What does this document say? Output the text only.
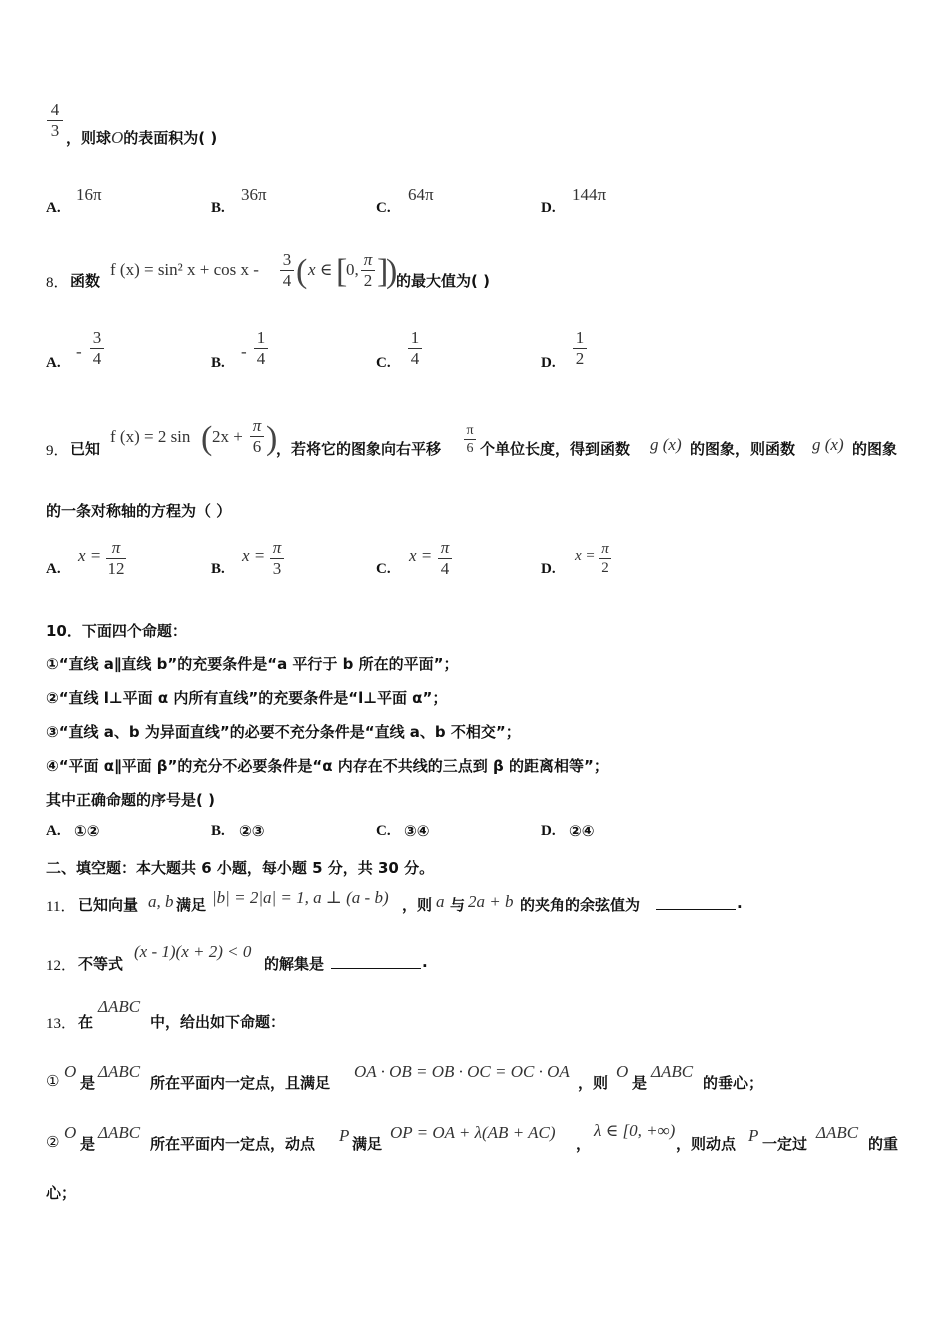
4
3 ，则球O的表面积为( )
A.
16π
B.
36π
C.
64π
D.
144π
8． 函数
f (x) = sin² x + cos x -
3
4 ( x ∈ [
0,
π
2 ]
)
的最大值为( )
A.
-
3
4	B.
-
1
4	C.
1
4	D.
1
2
9． 已知
f (x) = 2 sin ( 2x +
π
6 )
，若将它的图象向右平移
π
6 个单位长度，得到函数 g (x) 的图象，则函数 g (x) 的图象
的一条对称轴的方程为（ ）
A.
x = π
12	B.
x = π
3	C.
x = π
4	D.
x = π
2
10．下面四个命题：
①“直线 a∥直线 b”的充要条件是“a 平行于 b 所在的平面”；
②“直线 l⊥平面 α 内所有直线”的充要条件是“l⊥平面 α”；
③“直线 a、b 为异面直线”的必要不充分条件是“直线 a、b 不相交”；
④“平面 α∥平面 β”的充分不必要条件是“α 内存在不共线的三点到 β 的距离相等”；
其中正确命题的序号是( )
A. ①②	B. ②③	C. ③④	D. ②④
二、填空题：本大题共 6 小题，每小题 5 分，共 30 分。
11． 已知向量 a, b 满足 |b| = 2|a| = 1, a ⊥ (a - b) ，则 a 与 2a + b 的夹角的余弦值为	.
12． 不等式
(x - 1)(x + 2) < 0
的解集是	.
13． 在
ΔABC
中，给出如下命题：
① O
是
ΔABC
所在平面内一定点，且满足
OA · OB = OB · OC = OC · OA
，则
O
是
ΔABC
的垂心；
② O
是
ΔABC
所在平面内一定点，动点 P 满足
OP = OA + λ(AB + AC)
，
λ ∈ [0, +∞)
，则动点 P 一定过
ΔABC
的重
心；
